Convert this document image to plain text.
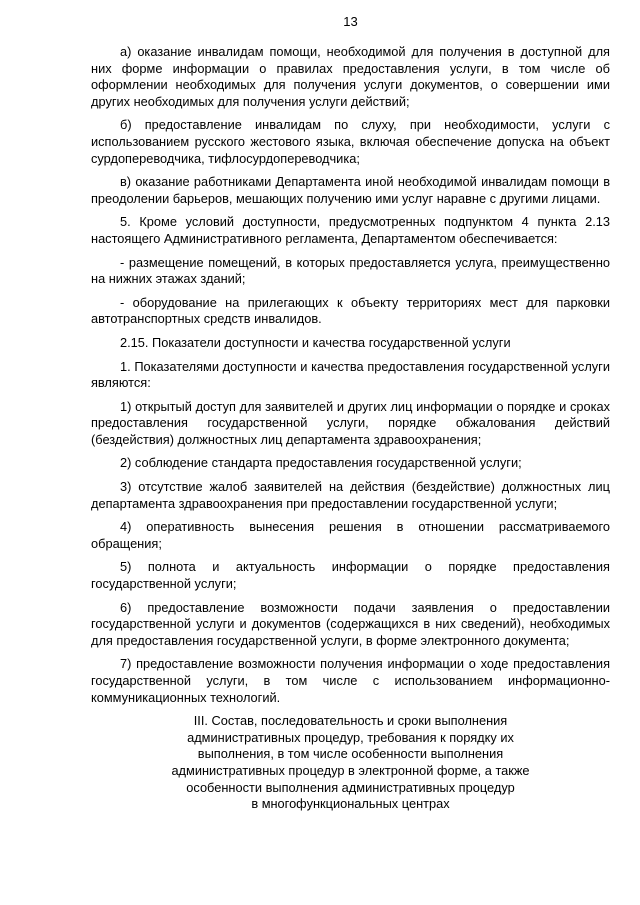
13

а) оказание инвалидам помощи, необходимой для получения в доступной для них форме информации о правилах предоставления услуги, в том числе об оформлении необходимых для получения услуги документов, о совершении ими других необходимых для получения услуги действий;

б) предоставление инвалидам по слуху, при необходимости, услуги с использованием русского жестового языка, включая обеспечение допуска на объект сурдопереводчика, тифлосурдопереводчика;

в) оказание работниками Департамента иной необходимой инвалидам помощи в преодолении барьеров, мешающих получению ими услуг наравне с другими лицами.

5. Кроме условий доступности, предусмотренных подпунктом 4 пункта 2.13 настоящего Административного регламента, Департаментом обеспечивается:

- размещение помещений, в которых предоставляется услуга, преимущественно на нижних этажах зданий;

- оборудование на прилегающих к объекту территориях мест для парковки автотранспортных средств инвалидов.

2.15. Показатели доступности и качества государственной услуги

1. Показателями доступности и качества предоставления государственной услуги являются:

1) открытый доступ для заявителей и других лиц информации о порядке и сроках предоставления государственной услуги, порядке обжалования действий (бездействия) должностных лиц департамента здравоохранения;

2) соблюдение стандарта предоставления государственной услуги;

3) отсутствие жалоб заявителей на действия (бездействие) должностных лиц департамента здравоохранения при предоставлении государственной услуги;

4) оперативность вынесения решения в отношении рассматриваемого обращения;

5) полнота и актуальность информации о порядке предоставления государственной услуги;

6) предоставление возможности подачи заявления о предоставлении государственной услуги и документов (содержащихся в них сведений), необходимых для предоставления государственной услуги, в форме электронного документа;

7) предоставление возможности получения информации о ходе предоставления государственной услуги, в том числе с использованием информационно-коммуникационных технологий.

III. Состав, последовательность и сроки выполнения
административных процедур, требования к порядку их
выполнения, в том числе особенности выполнения
административных процедур в электронной форме, а также
особенности выполнения административных процедур
в многофункциональных центрах
